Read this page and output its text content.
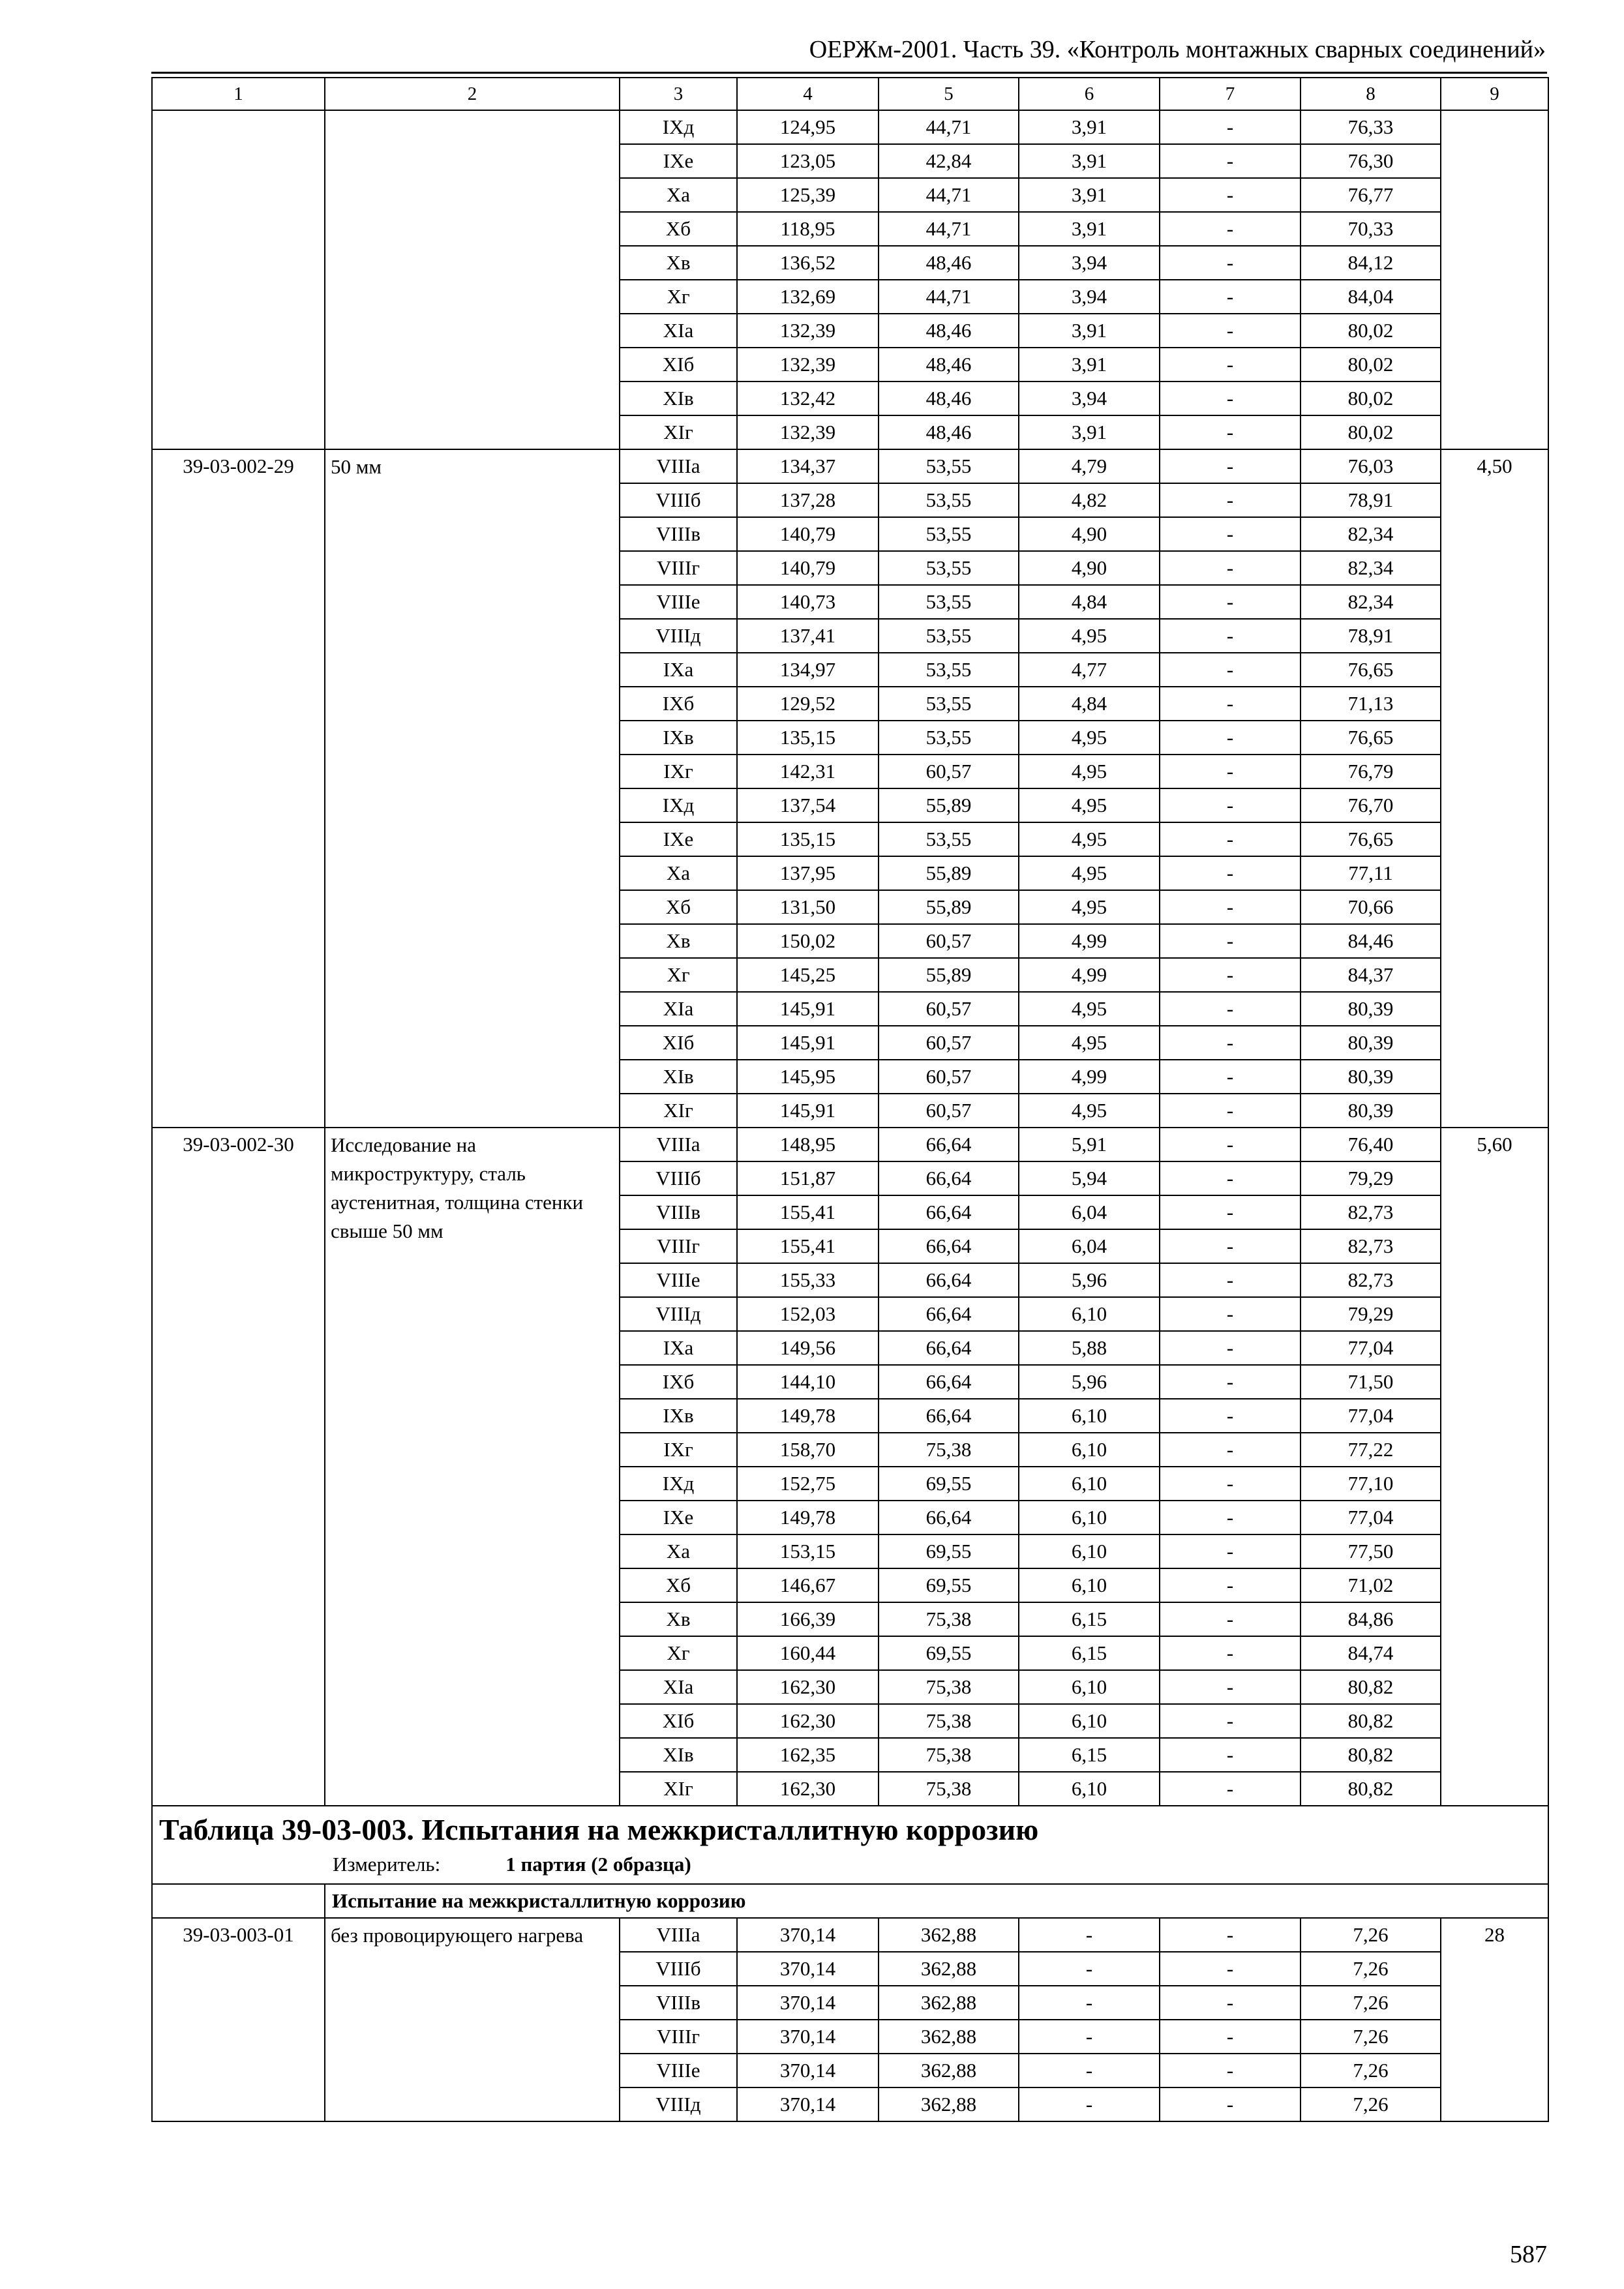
ОЕРЖм-2001. Часть 39. «Контроль монтажных сварных соединений»
1	2	3	4	5	6	7	8	9
		IXд	124,95	44,71	3,91	-	76,33	
		IXe	123,05	42,84	3,91	-	76,30	
		Xa	125,39	44,71	3,91	-	76,77	
		Xб	118,95	44,71	3,91	-	70,33	
		Xв	136,52	48,46	3,94	-	84,12	
		Xг	132,69	44,71	3,94	-	84,04	
		XIa	132,39	48,46	3,91	-	80,02	
		XIб	132,39	48,46	3,91	-	80,02	
		XIв	132,42	48,46	3,94	-	80,02	
		XIг	132,39	48,46	3,91	-	80,02	
39-03-002-29	50 мм	VIIIa	134,37	53,55	4,79	-	76,03	4,50
		VIIIб	137,28	53,55	4,82	-	78,91	
		VIIIв	140,79	53,55	4,90	-	82,34	
		VIIIг	140,79	53,55	4,90	-	82,34	
		VIIIe	140,73	53,55	4,84	-	82,34	
		VIIIд	137,41	53,55	4,95	-	78,91	
		IXa	134,97	53,55	4,77	-	76,65	
		IXб	129,52	53,55	4,84	-	71,13	
		IXв	135,15	53,55	4,95	-	76,65	
		IXг	142,31	60,57	4,95	-	76,79	
		IXд	137,54	55,89	4,95	-	76,70	
		IXe	135,15	53,55	4,95	-	76,65	
		Xa	137,95	55,89	4,95	-	77,11	
		Xб	131,50	55,89	4,95	-	70,66	
		Xв	150,02	60,57	4,99	-	84,46	
		Xг	145,25	55,89	4,99	-	84,37	
		XIa	145,91	60,57	4,95	-	80,39	
		XIб	145,91	60,57	4,95	-	80,39	
		XIв	145,95	60,57	4,99	-	80,39	
		XIг	145,91	60,57	4,95	-	80,39	
39-03-002-30	Исследование на микроструктуру, сталь аустенитная, толщина стенки свыше 50 мм	VIIIa	148,95	66,64	5,91	-	76,40	5,60
		VIIIб	151,87	66,64	5,94	-	79,29	
		VIIIв	155,41	66,64	6,04	-	82,73	
		VIIIг	155,41	66,64	6,04	-	82,73	
		VIIIe	155,33	66,64	5,96	-	82,73	
		VIIIд	152,03	66,64	6,10	-	79,29	
		IXa	149,56	66,64	5,88	-	77,04	
		IXб	144,10	66,64	5,96	-	71,50	
		IXв	149,78	66,64	6,10	-	77,04	
		IXг	158,70	75,38	6,10	-	77,22	
		IXд	152,75	69,55	6,10	-	77,10	
		IXe	149,78	66,64	6,10	-	77,04	
		Xa	153,15	69,55	6,10	-	77,50	
		Xб	146,67	69,55	6,10	-	71,02	
		Xв	166,39	75,38	6,15	-	84,86	
		Xг	160,44	69,55	6,15	-	84,74	
		XIa	162,30	75,38	6,10	-	80,82	
		XIб	162,30	75,38	6,10	-	80,82	
		XIв	162,35	75,38	6,15	-	80,82	
		XIг	162,30	75,38	6,10	-	80,82	

Таблица 39-03-003. Испытания на межкристаллитную коррозию
Измеритель: 1 партия (2 образца)								

	Испытание на межкристаллитную коррозию							
39-03-003-01	без провоцирующего нагрева	VIIIa	370,14	362,88	-	-	7,26	28
		VIIIб	370,14	362,88	-	-	7,26	
		VIIIв	370,14	362,88	-	-	7,26	
		VIIIг	370,14	362,88	-	-	7,26	
		VIIIe	370,14	362,88	-	-	7,26	
		VIIIд	370,14	362,88	-	-	7,26	
587
